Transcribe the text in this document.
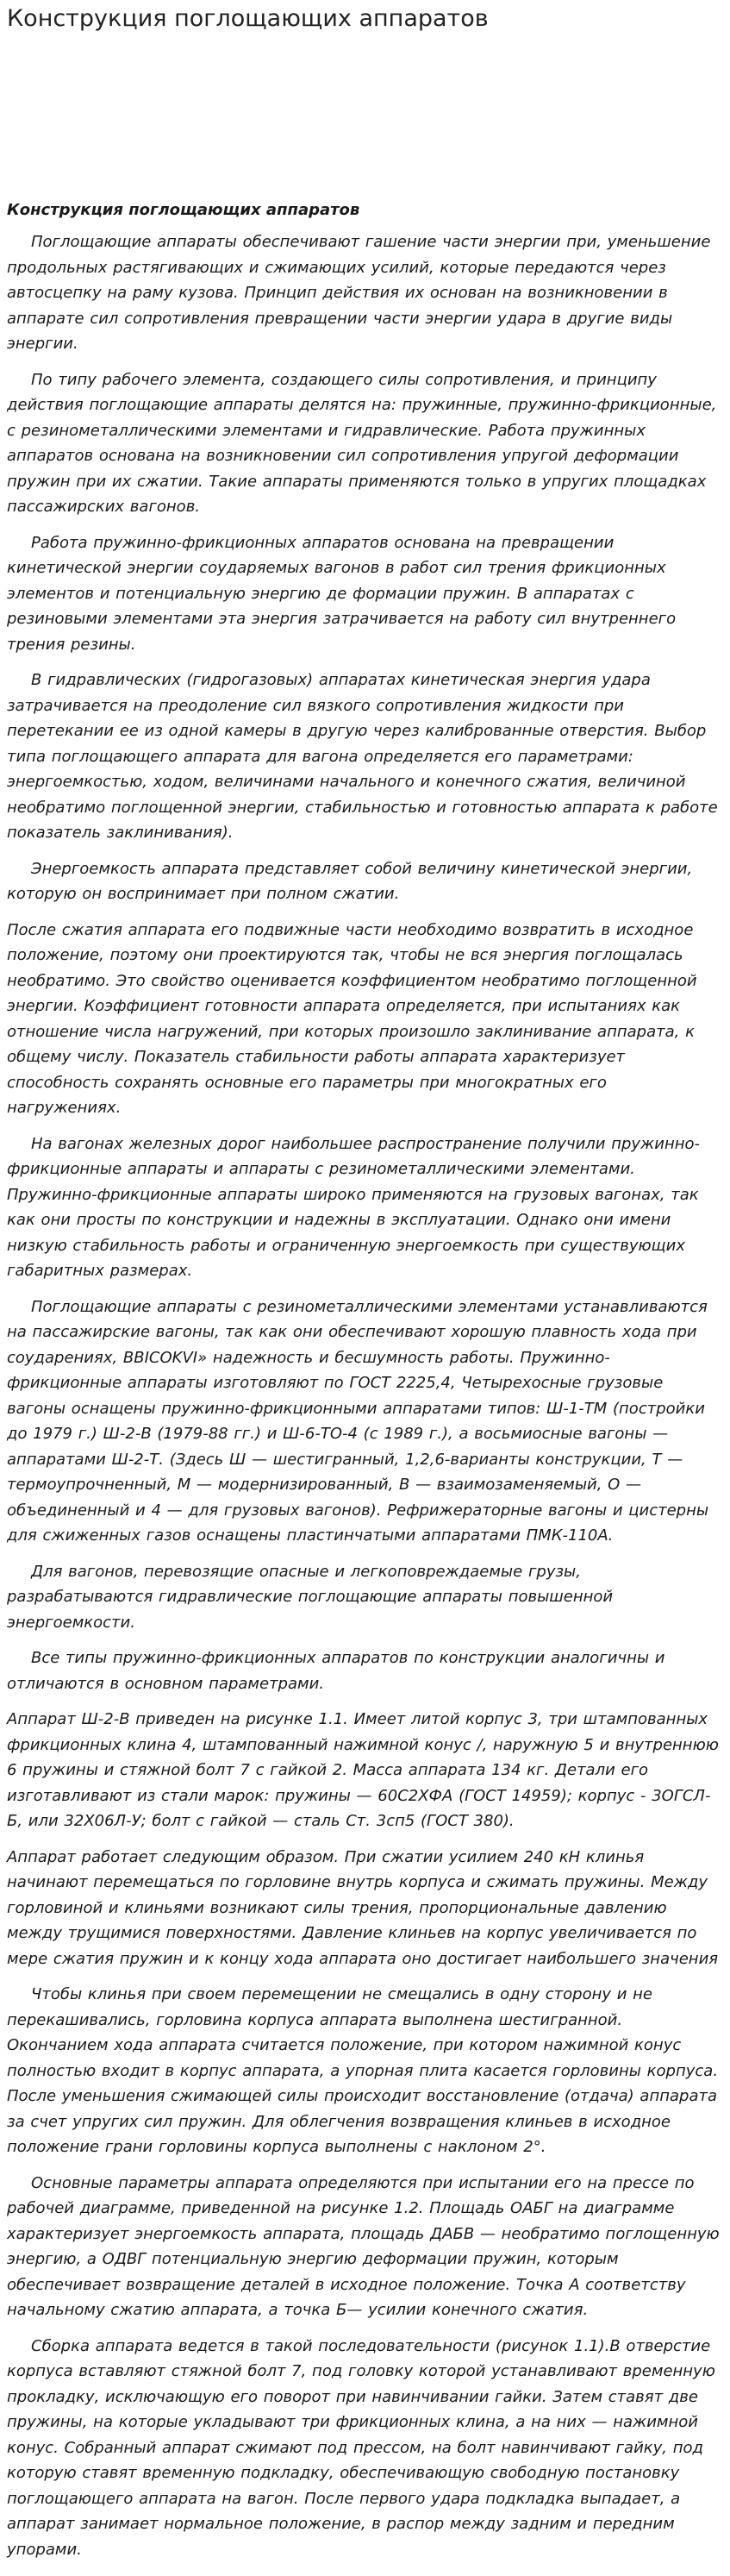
Конструкция поглощающих аппаратов
Конструкция поглощающих аппаратов

Поглощающие аппараты обеспечивают гашение части энергии при, уменьшение продольных растягивающих и сжимающих усилий, которые передаются через автосцепку на раму кузова. Принцип действия их основан на возникновении в аппарате сил сопротивления превращении части энергии удара в другие виды энергии.

По типу рабочего элемента, создающего силы сопротивления, и принципу действия поглощающие аппараты делятся на: пружинные, пружинно-фрикционные, с резинометаллическими элементами и гидравлические. Работа пружинных аппаратов основана на возникновении сил сопротивления упругой деформации пружин при их сжатии. Такие аппараты применяются только в упругих площадках пассажирских вагонов.

Работа пружинно-фрикционных аппаратов основана на превращении кинетической энергии соударяемых вагонов в работ сил трения фрикционных элементов и потенциальную энергию де формации пружин. В аппаратах с резиновыми элементами эта энергия затрачивается на работу сил внутреннего трения резины.

В гидравлических (гидрогазовых) аппаратах кинетическая энергия удара затрачивается на преодоление сил вязкого сопротивления жидкости при перетекании ее из одной камеры в другую через калиброванные отверстия. Выбор типа поглощающего аппарата для вагона определяется его параметрами: энергоемкостью, ходом, величинами начального и конечного сжатия, величиной необратимо поглощенной энергии, стабильностью и готовностью аппарата к работе показатель заклинивания).

Энергоемкость аппарата представляет собой величину кинетической энергии, которую он воспринимает при полном сжатии.

После сжатия аппарата его подвижные части необходимо возвратить в исходное положение, поэтому они проектируются так, чтобы не вся энергия поглощалась необратимо. Это свойство оценивается коэффициентом необратимо поглощенной энергии. Коэффициент готовности аппарата определяется, при испытаниях как отношение числа нагружений, при которых произошло заклинивание аппарата, к общему числу. Показатель стабильности работы аппарата характеризует способность сохранять основные его параметры при многократных его нагружениях.

На вагонах железных дорог наибольшее распространение получили пружинно-фрикционные аппараты и аппараты с резинометаллическими элементами. Пружинно-фрикционные аппараты широко применяются на грузовых вагонах, так как они просты по конструкции и надежны в эксплуатации. Однако они имени низкую стабильность работы и ограниченную энергоемкость при существующих габаритных размерах.

Поглощающие аппараты с резинометаллическими элементами устанавливаются на пассажирские вагоны, так как они обеспечивают хорошую плавность хода при соударениях, BBICOKVI» надежность и бесшумность работы. Пружинно-фрикционные аппараты изготовляют по ГОСТ 2225,4, Четырехосные грузовые вагоны оснащены пружинно-фрикционными аппаратами типов: Ш-1-ТМ (постройки до 1979 г.) Ш-2-В (1979-88 гг.) и Ш-6-ТО-4 (с 1989 г.), а восьмиосные вагоны — аппаратами Ш-2-Т. (Здесь Ш — шестигранный, 1,2,6-варианты конструкции, Т — термоупрочненный, М — модернизированный, В — взаимозаменяемый, О — объединенный и 4 — для грузовых вагонов). Рефрижераторные вагоны и цистерны для сжиженных газов оснащены пластинчатыми аппаратами ПМК-110А.

Для вагонов, перевозящие опасные и легкоповреждаемые грузы, разрабатываются гидравлические поглощающие аппараты повышенной энергоемкости.

Все типы пружинно-фрикционных аппаратов по конструкции аналогичны и отличаются в основном параметрами.

Аппарат Ш-2-В приведен на рисунке 1.1. Имеет литой корпус 3, три штампованных фрикционных клина 4, штампованный нажимной конус /, наружную 5 и внутреннюю 6 пружины и стяжной болт 7 с гайкой 2. Масса аппарата 134 кг. Детали его изготавливают из стали марок: пружины — 60С2ХФА (ГОСТ 14959); корпус - 3ОГСЛ-Б, или 32Х06Л-У; болт с гайкой — сталь Ст. 3сп5 (ГОСТ 380).

Аппарат работает следующим образом. При сжатии усилием 240 кН клинья начинают перемещаться по горловине внутрь корпуса и сжимать пружины. Между горловиной и клиньями возникают силы трения, пропорциональные давлению между трущимися поверхностями. Давление клиньев на корпус увеличивается по мере сжатия пружин и к концу хода аппарата оно достигает наибольшего значения

Чтобы клинья при своем перемещении не смещались в одну сторону и не перекашивались, горловина корпуса аппарата выполнена шестигранной. Окончанием хода аппарата считается положение, при котором нажимной конус полностью входит в корпус аппарата, а упорная плита касается горловины корпуса. После уменьшения сжимающей силы происходит восстановление (отдача) аппарата за счет упругих сил пружин. Для облегчения возвращения клиньев в исходное положение грани горловины корпуса выполнены с наклоном 2°.

Основные параметры аппарата определяются при испытании его на прессе по рабочей диаграмме, приведенной на рисунке 1.2. Площадь ОАБГ на диаграмме характеризует энергоемкость аппарата, площадь ДАБВ — необратимо поглощенную энергию, а ОДВГ потенциальную энергию деформации пружин, которым обеспечивает возвращение деталей в исходное положение. Точка А соответству начальному сжатию аппарата, а точка Б— усилии конечного сжатия.

Сборка аппарата ведется в такой последовательности (рисунок 1.1).В отверстие корпуса вставляют стяжной болт 7, под головку которой устанавливают временную прокладку, исключающую его поворот при навинчивании гайки. Затем ставят две пружины, на которые укладывают три фрикционных клина, а на них — нажимной конус. Собранный аппарат сжимают под прессом, на болт навинчивают гайку, под которую ставят временную подкладку, обеспечивающую свободную постановку поглощающего аппарата на вагон. После первого удара подкладка выпадает, а аппарат занимает нормальное положение, в распор между задним и передним упорами.
